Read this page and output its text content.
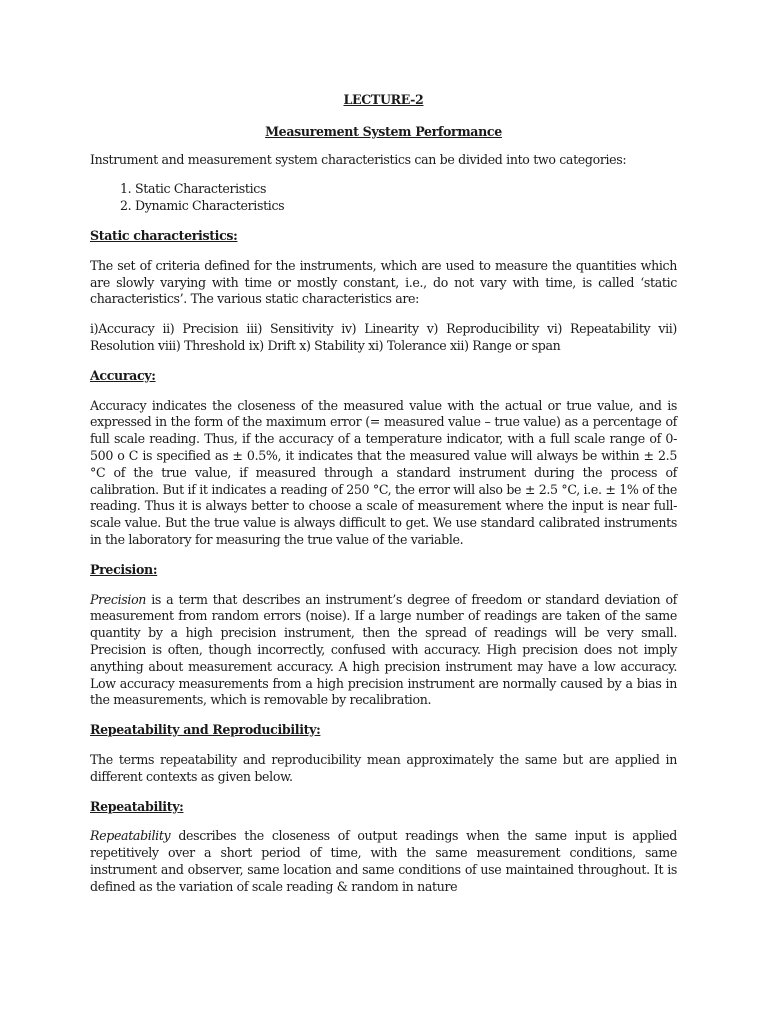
LECTURE-2
Measurement System Performance

Instrument and measurement system characteristics can be divided into two categories:

1. Static Characteristics
2. Dynamic Characteristics
Static characteristics:

The set of criteria defined for the instruments, which are used to measure the quantities which are slowly varying with time or mostly constant, i.e., do not vary with time, is called ‘static characteristics’. The various static characteristics are:

i)Accuracy ii) Precision iii) Sensitivity iv) Linearity v) Reproducibility vi) Repeatability vii) Resolution viii) Threshold ix) Drift x) Stability xi) Tolerance xii) Range or span

Accuracy:

Accuracy indicates the closeness of the measured value with the actual or true value, and is expressed in the form of the maximum error (= measured value – true value) as a percentage of full scale reading. Thus, if the accuracy of a temperature indicator, with a full scale range of 0- 500 o C is specified as ± 0.5%, it indicates that the measured value will always be within ± 2.5 °C of the true value, if measured through a standard instrument during the process of calibration. But if it indicates a reading of 250 °C, the error will also be ± 2.5 °C, i.e. ± 1% of the reading. Thus it is always better to choose a scale of measurement where the input is near full-scale value. But the true value is always difficult to get. We use standard calibrated instruments in the laboratory for measuring the true value of the variable.

Precision:

Precision is a term that describes an instrument’s degree of freedom or standard deviation of measurement from random errors (noise). If a large number of readings are taken of the same quantity by a high precision instrument, then the spread of readings will be very small. Precision is often, though incorrectly, confused with accuracy. High precision does not imply anything about measurement accuracy. A high precision instrument may have a low accuracy. Low accuracy measurements from a high precision instrument are normally caused by a bias in the measurements, which is removable by recalibration.

Repeatability and Reproducibility:

The terms repeatability and reproducibility mean approximately the same but are applied in different contexts as given below.

Repeatability:

Repeatability describes the closeness of output readings when the same input is applied repetitively over a short period of time, with the same measurement conditions, same instrument and observer, same location and same conditions of use maintained throughout. It is defined as the variation of scale reading & random in nature
